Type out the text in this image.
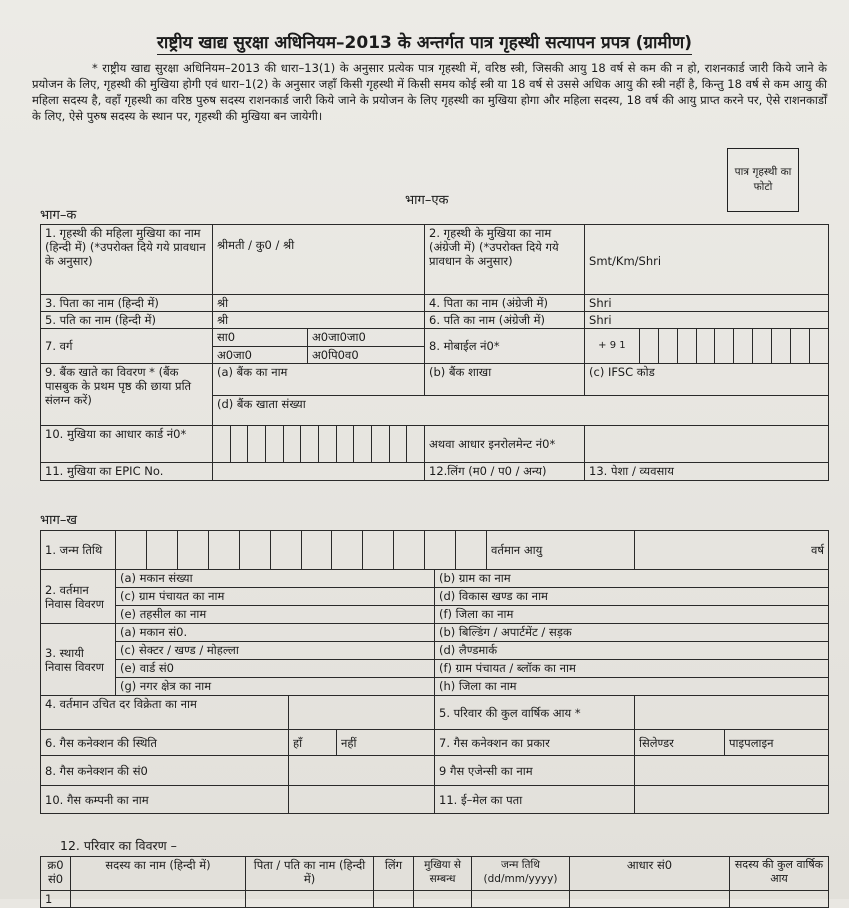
राष्ट्रीय खाद्य सुरक्षा अधिनियम–2013 के अन्तर्गत पात्र गृहस्थी सत्यापन प्रपत्र (ग्रामीण)
* राष्ट्रीय खाद्य सुरक्षा अधिनियम–2013 की धारा–13(1) के अनुसार प्रत्येक पात्र गृहस्थी में, वरिष्ठ स्त्री, जिसकी आयु 18 वर्ष से कम की न हो, राशनकार्ड जारी किये जाने के प्रयोजन के लिए, गृहस्थी की मुखिया होगी एवं धारा–1(2) के अनुसार जहाँ किसी गृहस्थी में किसी समय कोई स्त्री या 18 वर्ष से उससे अधिक आयु की स्त्री नहीं है, किन्तु 18 वर्ष से कम आयु की महिला सदस्य है, वहाँ गृहस्थी का वरिष्ठ पुरुष सदस्य राशनकार्ड जारी किये जाने के प्रयोजन के लिए गृहस्थी का मुखिया होगा और महिला सदस्य, 18 वर्ष की आयु प्राप्त करने पर, ऐसे राशनकार्डों के लिए, ऐसे पुरुष सदस्य के स्थान पर, गृहस्थी की मुखिया बन जायेगी।
पात्र गृहस्थी का फोटो
भाग–एक
भाग–क
1. गृहस्थी की महिला मुखिया का नाम (हिन्दी में) (*उपरोक्त दिये गये प्रावधान के अनुसार)	श्रीमती / कु0 / श्री		2. गृहस्थी के मुखिया का नाम (अंग्रेजी में) (*उपरोक्त दिये गये प्रावधान के अनुसार)	Smt/Km/Shri

3. पिता का नाम (हिन्दी में)	श्री		4. पिता का नाम (अंग्रेजी में)	Shri
5. पति का नाम (हिन्दी में)	श्री		6. पति का नाम (अंग्रेजी में)	Shri
7. वर्ग	सा0	अ0जा0जा0	8. मोबाईल नं0*	+ 9 1

	अ0जा0	अ0पि0व0		
9. बैंक खाते का विवरण * (बैंक पासबुक के प्रथम पृष्ठ की छाया प्रति संलग्न करें)	(a) बैंक का नाम		(b) बैंक शाखा	(c) IFSC कोड
	(d) बैंक खाता संख्या			
10. मुखिया का आधार कार्ड नं0*			अथवा आधार इनरोलमेन्ट नं0*	
11. मुखिया का EPIC No.			12.लिंग (म0 / प0 / अन्य)	13. पेशा / व्यवसाय
भाग–ख
1. जन्म तिथि					वर्तमान आयु	वर्ष	
2. वर्तमान निवास विवरण	(a) मकान संख्या			(b) ग्राम का नाम			
	(c) ग्राम पंचायत का नाम			(d) विकास खण्ड का नाम			
	(e) तहसील का नाम			(f) जिला का नाम			
3. स्थायी निवास विवरण	(a) मकान सं0.			(b) बिल्डिंग / अपार्टमेंट / सड़क			
	(c) सेक्टर / खण्ड / मोहल्ला			(d) लैण्डमार्क			
	(e) वार्ड सं0			(f) ग्राम पंचायत / ब्लॉक का नाम			
	(g) नगर क्षेत्र का नाम			(h) जिला का नाम			
4. वर्तमान उचित दर विक्रेता का नाम				5. परिवार की कुल वार्षिक आय *			
6. गैस कनेक्शन की स्थिति		हॉं	नहीं	7. गैस कनेक्शन का प्रकार		सिलेण्डर	पाइपलाइन
8. गैस कनेक्शन की सं0				9 गैस एजेन्सी का नाम			
10. गैस कम्पनी का नाम				11. ई–मेल का पता			
12. परिवार का विवरण –
क्र0 सं0	सदस्य का नाम (हिन्दी में)	पिता / पति का नाम (हिन्दी में)	लिंग	मुखिया से सम्बन्ध	जन्म तिथि (dd/mm/yyyy)	आधार सं0	सदस्य की कुल वार्षिक आय
1							
